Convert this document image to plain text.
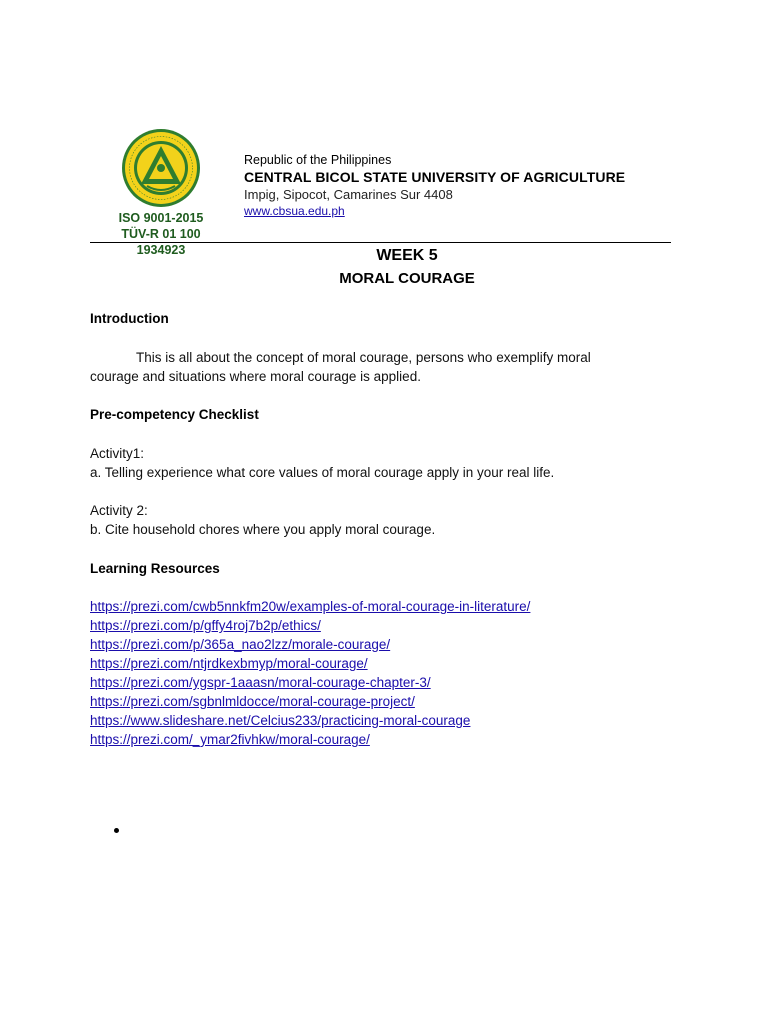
ISO 9001-2015
TÜV-R 01 100 1934923
Republic of the Philippines
CENTRAL BICOL STATE UNIVERSITY OF AGRICULTURE
Impig, Sipocot, Camarines Sur 4408
www.cbsua.edu.ph
WEEK 5
MORAL COURAGE
Introduction
This is all about the concept of moral courage, persons who exemplify moral
courage and situations where moral courage is applied.
Pre-competency Checklist
Activity1:
a. Telling experience what core values of moral courage apply in your real life.
Activity 2:
b. Cite household chores where you apply moral courage.
Learning Resources
https://prezi.com/cwb5nnkfm20w/examples-of-moral-courage-in-literature/
https://prezi.com/p/gffy4roj7b2p/ethics/
https://prezi.com/p/365a_nao2lzz/morale-courage/
https://prezi.com/ntjrdkexbmyp/moral-courage/
https://prezi.com/ygspr-1aaasn/moral-courage-chapter-3/
https://prezi.com/sgbnlmldocce/moral-courage-project/
https://www.slideshare.net/Celcius233/practicing-moral-courage
https://prezi.com/_ymar2fivhkw/moral-courage/
